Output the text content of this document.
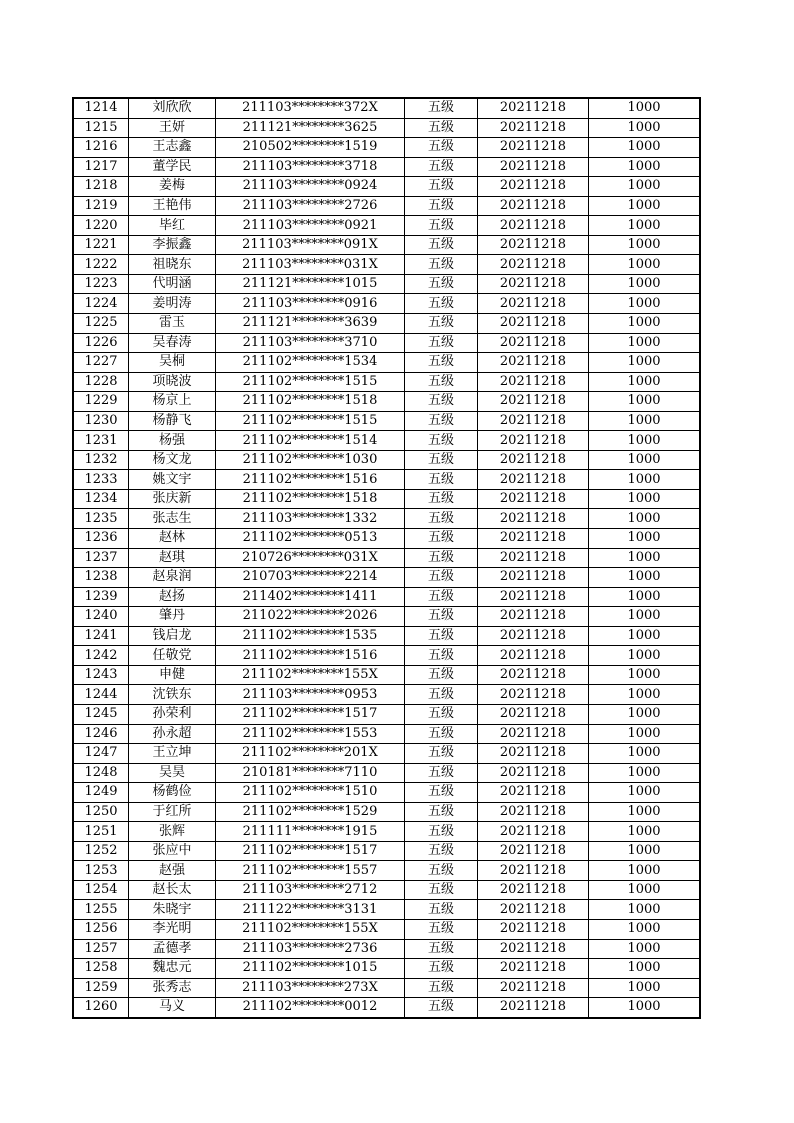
1214	刘欣欣	211103********372X	五级	20211218	1000
1215	王妍	211121********3625	五级	20211218	1000
1216	王志鑫	210502********1519	五级	20211218	1000
1217	董学民	211103********3718	五级	20211218	1000
1218	姜梅	211103********0924	五级	20211218	1000
1219	王艳伟	211103********2726	五级	20211218	1000
1220	毕红	211103********0921	五级	20211218	1000
1221	李振鑫	211103********091X	五级	20211218	1000
1222	祖晓东	211103********031X	五级	20211218	1000
1223	代明涵	211121********1015	五级	20211218	1000
1224	姜明涛	211103********0916	五级	20211218	1000
1225	雷玉	211121********3639	五级	20211218	1000
1226	吴春涛	211103********3710	五级	20211218	1000
1227	吴桐	211102********1534	五级	20211218	1000
1228	项晓波	211102********1515	五级	20211218	1000
1229	杨京上	211102********1518	五级	20211218	1000
1230	杨静飞	211102********1515	五级	20211218	1000
1231	杨强	211102********1514	五级	20211218	1000
1232	杨文龙	211102********1030	五级	20211218	1000
1233	姚文宇	211102********1516	五级	20211218	1000
1234	张庆新	211102********1518	五级	20211218	1000
1235	张志生	211103********1332	五级	20211218	1000
1236	赵林	211102********0513	五级	20211218	1000
1237	赵琪	210726********031X	五级	20211218	1000
1238	赵泉润	210703********2214	五级	20211218	1000
1239	赵扬	211402********1411	五级	20211218	1000
1240	肇丹	211022********2026	五级	20211218	1000
1241	钱启龙	211102********1535	五级	20211218	1000
1242	任敬党	211102********1516	五级	20211218	1000
1243	申健	211102********155X	五级	20211218	1000
1244	沈铁东	211103********0953	五级	20211218	1000
1245	孙荣利	211102********1517	五级	20211218	1000
1246	孙永超	211102********1553	五级	20211218	1000
1247	王立坤	211102********201X	五级	20211218	1000
1248	吴昊	210181********7110	五级	20211218	1000
1249	杨鹤俭	211102********1510	五级	20211218	1000
1250	于红所	211102********1529	五级	20211218	1000
1251	张辉	211111********1915	五级	20211218	1000
1252	张应中	211102********1517	五级	20211218	1000
1253	赵强	211102********1557	五级	20211218	1000
1254	赵长太	211103********2712	五级	20211218	1000
1255	朱晓宇	211122********3131	五级	20211218	1000
1256	李光明	211102********155X	五级	20211218	1000
1257	孟德孝	211103********2736	五级	20211218	1000
1258	魏忠元	211102********1015	五级	20211218	1000
1259	张秀志	211103********273X	五级	20211218	1000
1260	马义	211102********0012	五级	20211218	1000
